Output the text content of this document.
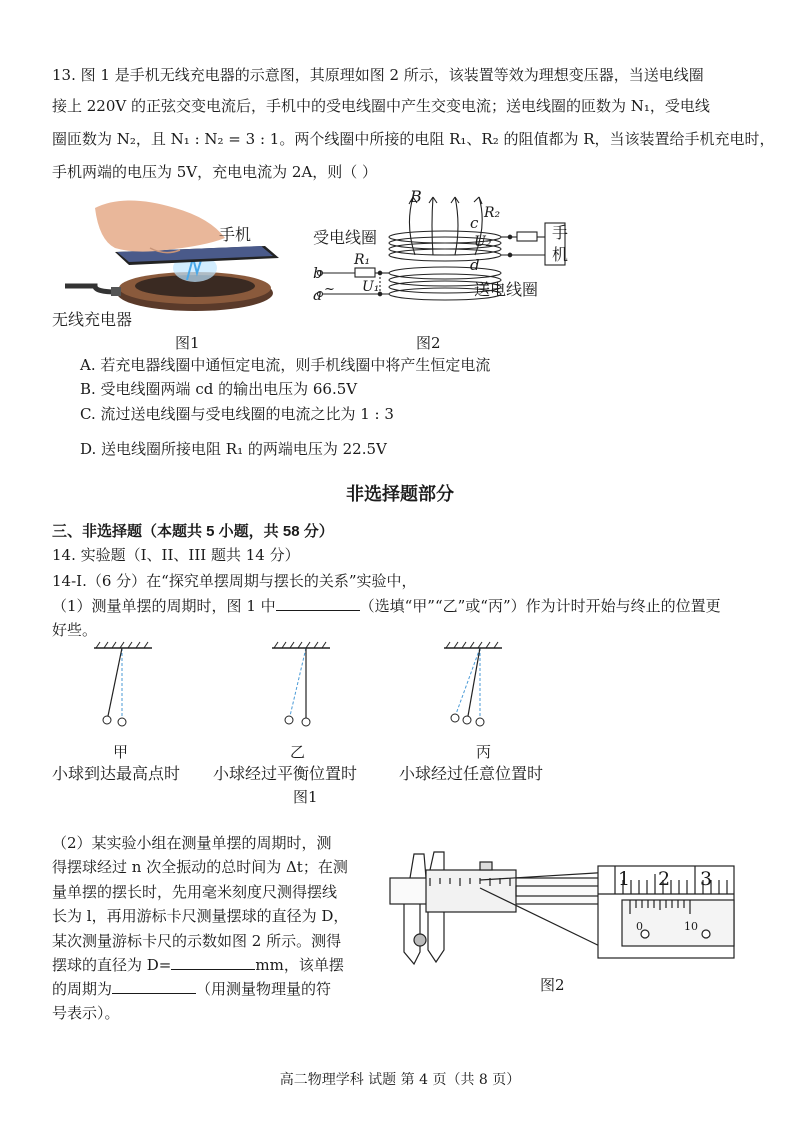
13. 图 1 是手机无线充电器的示意图，其原理如图 2 所示，该装置等效为理想变压器，当送电线圈
接上 220V 的正弦交变电流后，手机中的受电线圈中产生交变电流；送电线圈的匝数为 N₁，受电线
圈匝数为 N₂，且 N₁ : N₂ = 3 : 1。两个线圈中所接的电阻 R₁、R₂ 的阻值都为 R，当该装置给手机充电时，
手机两端的电压为 5V，充电电流为 2A，则（ ）
手机
无线充电器
图1
B
受电线圈
c
R₂
U₂
d
手
机
b
a ~
R₁
U₁	送电线圈
图2
A. 若充电器线圈中通恒定电流，则手机线圈中将产生恒定电流
B. 受电线圈两端 cd 的输出电压为 66.5V
C. 流过送电线圈与受电线圈的电流之比为 1 : 3
D. 送电线圈所接电阻 R₁ 的两端电压为 22.5V
非选择题部分
三、非选择题（本题共 5 小题，共 58 分）
14. 实验题（I、II、III 题共 14 分）
14-I.（6 分）在“探究单摆周期与摆长的关系”实验中，
（1）测量单摆的周期时，图 1 中	（选填“甲”“乙”或“丙”）作为计时开始与终止的位置更
好些。
甲	乙	丙
小球到达最高点时 小球经过平衡位置时	小球经过任意位置时
图1
（2）某实验小组在测量单摆的周期时，测
得摆球经过 n 次全振动的总时间为 Δt；在测
量单摆的摆长时，先用毫米刻度尺测得摆线
长为 l，再用游标卡尺测量摆球的直径为 D，
某次测量游标卡尺的示数如图 2 所示。测得
摆球的直径为 D=	mm，该单摆
的周期为	（用测量物理量的符
号表示）。
1 2 3
0	10
图2
高二物理学科 试题 第 4 页（共 8 页）
